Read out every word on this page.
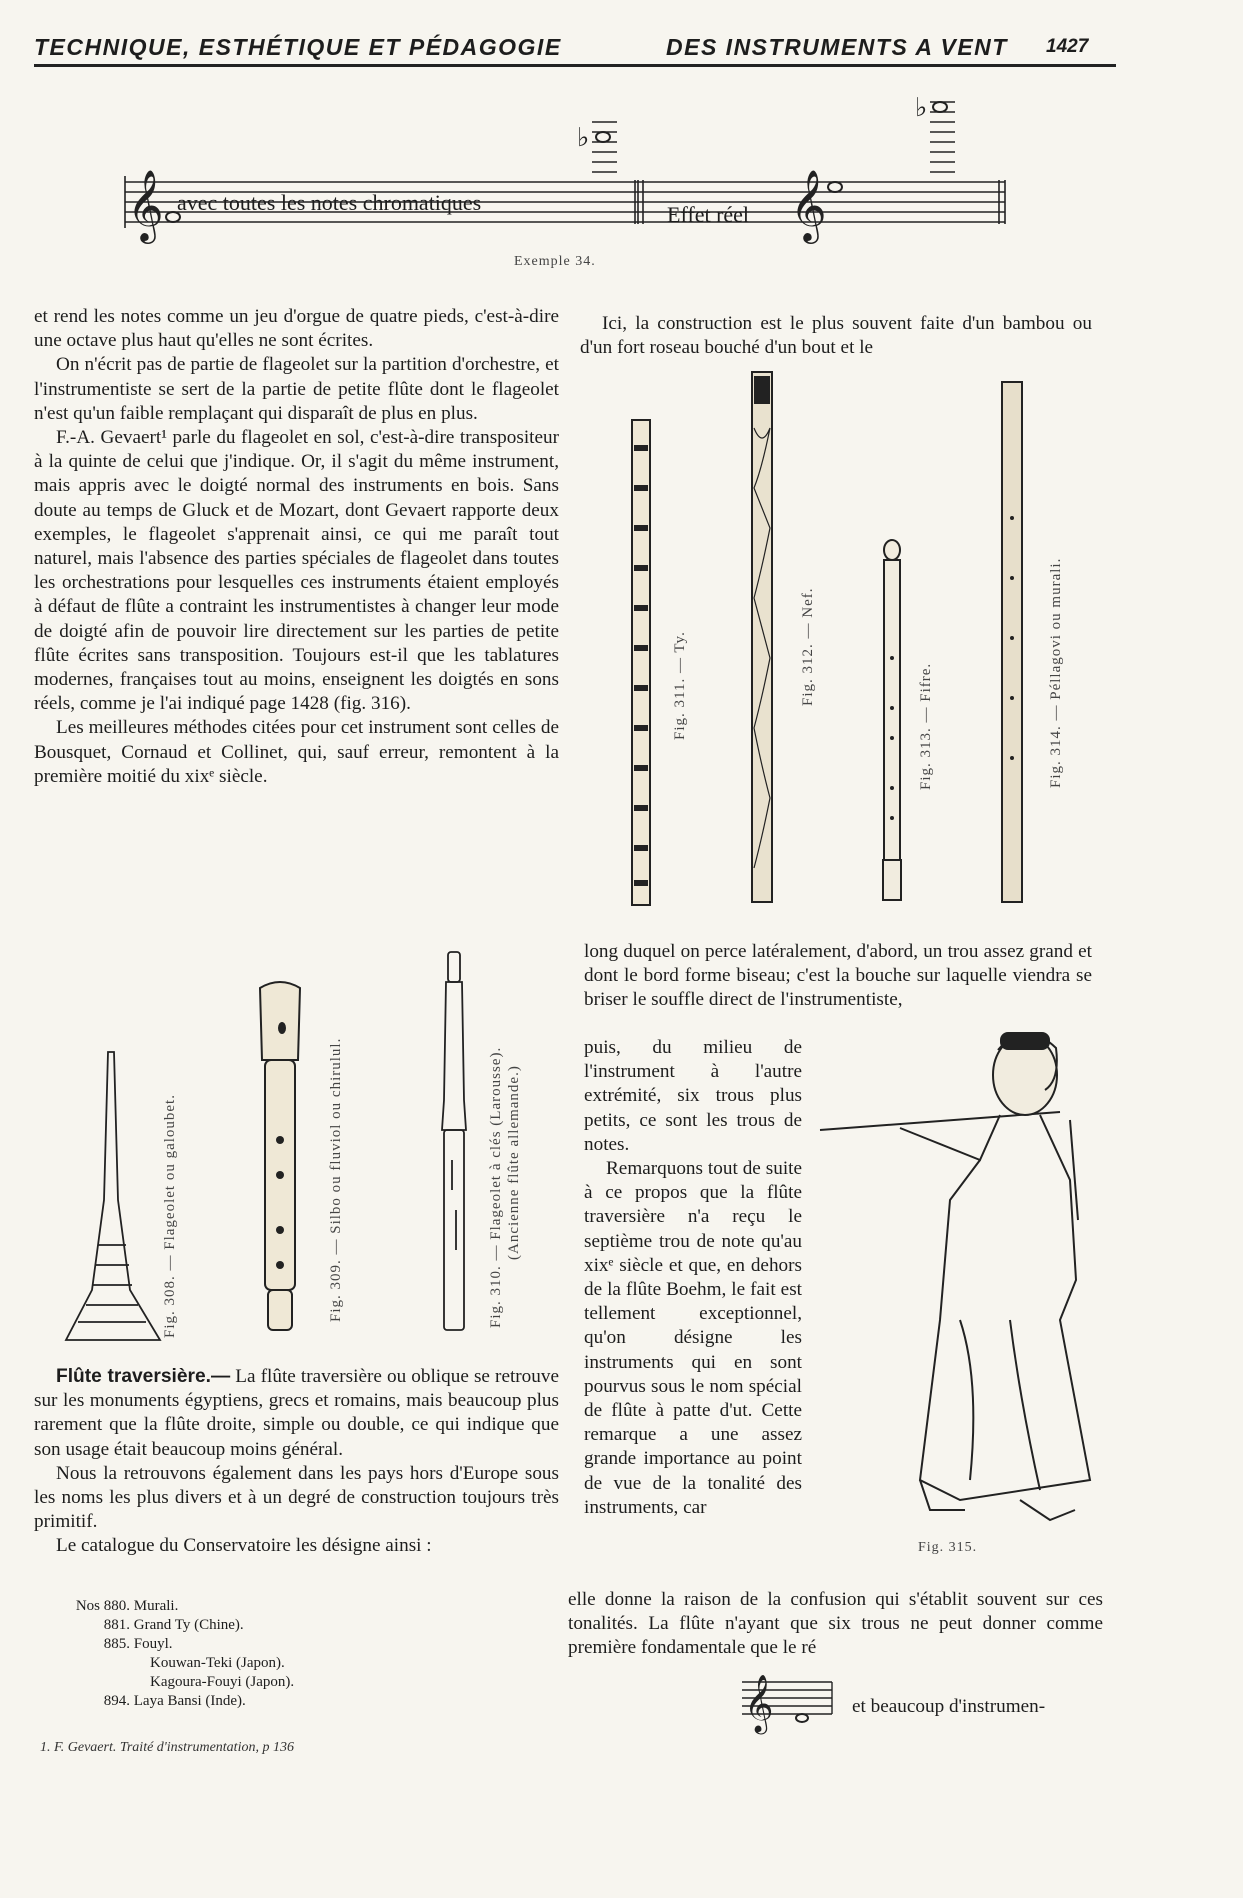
TECHNIQUE, ESTHÉTIQUE ET PÉDAGOGIE	DES INSTRUMENTS A VENT 1427
𝄞	𝄞
♭
♭
avec toutes les notes chromatiques	Effet réel
Exemple 34.

et rend les notes comme un jeu d'orgue de quatre pieds, c'est-à-dire une octave plus haut qu'elles ne sont écrites.

On n'écrit pas de partie de flageolet sur la partition d'orchestre, et l'instrumentiste se sert de la partie de petite flûte dont le flageolet n'est qu'un faible remplaçant qui disparaît de plus en plus.

F.-A. Gevaert¹ parle du flageolet en sol, c'est-à-dire transpositeur à la quinte de celui que j'indique. Or, il s'agit du même instrument, mais appris avec le doigté normal des instruments en bois. Sans doute au temps de Gluck et de Mozart, dont Gevaert rapporte deux exemples, le flageolet s'apprenait ainsi, ce qui me paraît tout naturel, mais l'absence des parties spéciales de flageolet dans toutes les orchestrations pour lesquelles ces instruments étaient employés à défaut de flûte a contraint les instrumentistes à changer leur mode de doigté afin de pouvoir lire directement sur les parties de petite flûte écrites sans transposition. Toujours est-il que les tablatures modernes, françaises tout au moins, enseignent les doigtés en sons réels, comme je l'ai indiqué page 1428 (fig. 316).

Les meilleures méthodes citées pour cet instrument sont celles de Bousquet, Cornaud et Collinet, qui, sauf erreur, remontent à la première moitié du xixᵉ siècle.

Fig. 308. — Flageolet ou galoubet.	Fig. 309. — Silbo ou fluviol ou chirulul.	Fig. 310. — Flageolet à clés (Larousse). (Ancienne flûte allemande.)

Flûte traversière.— La flûte traversière ou oblique se retrouve sur les monuments égyptiens, grecs et romains, mais beaucoup plus rarement que la flûte droite, simple ou double, ce qui indique que son usage était beaucoup moins général.

Nous la retrouvons également dans les pays hors d'Europe sous les noms les plus divers et à un degré de construction toujours très primitif.

Le catalogue du Conservatoire les désigne ainsi :

Nos 880. Murali.
881. Grand Ty (Chine).
885. Fouyl.
Kouwan-Teki (Japon).
Kagoura-Fouyi (Japon).
894. Laya Bansi (Inde).
1. F. Gevaert. Traité d'instrumentation, p 136

Ici, la construction est le plus souvent faite d'un bambou ou d'un fort roseau bouché d'un bout et le

Fig. 311. — Ty.	Fig. 312. — Nef.
Fig. 313. — Fifre.	Fig. 314. — Péllagovi ou murali.

long duquel on perce latéralement, d'abord, un trou assez grand et dont le bord forme biseau; c'est la bouche sur laquelle viendra se briser le souffle direct de l'instrumentiste,

puis, du milieu de l'instrument à l'autre extrémité, six trous plus petits, ce sont les trous de notes.

Remarquons tout de suite à ce propos que la flûte traversière n'a reçu le septième trou de note qu'au xixᵉ siècle et que, en dehors de la flûte Boehm, le fait est tellement exceptionnel, qu'on désigne les instruments qui en sont pourvus sous le nom spécial de flûte à patte d'ut. Cette remarque a une assez grande importance au point de vue de la tonalité des instruments, car

Fig. 315.

elle donne la raison de la confusion qui s'établit souvent sur ces tonalités. La flûte n'ayant que six trous ne peut donner comme première fondamentale que le ré

𝄞	et beaucoup d'instrumen-
